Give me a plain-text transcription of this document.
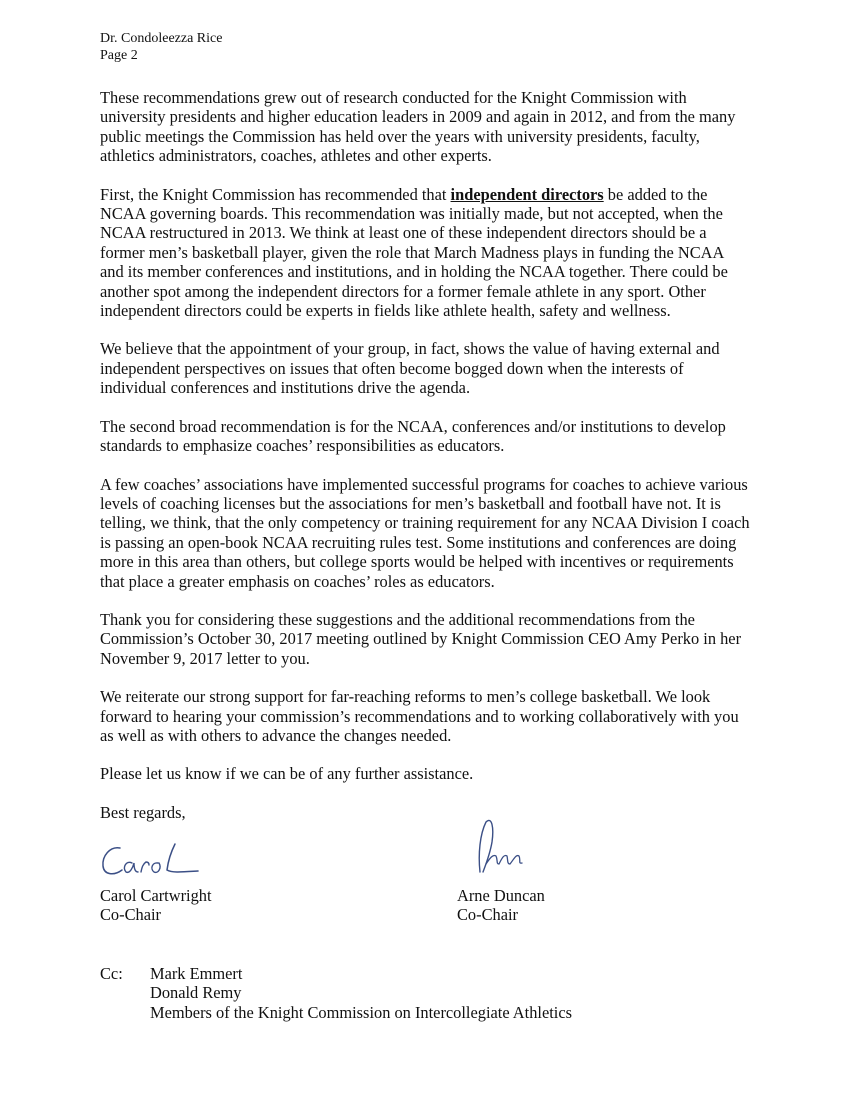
Dr. Condoleezza Rice
Page 2

These recommendations grew out of research conducted for the Knight Commission with university presidents and higher education leaders in 2009 and again in 2012, and from the many public meetings the Commission has held over the years with university presidents, faculty, athletics administrators, coaches, athletes and other experts.

First, the Knight Commission has recommended that independent directors be added to the NCAA governing boards. This recommendation was initially made, but not accepted, when the NCAA restructured in 2013. We think at least one of these independent directors should be a former men’s basketball player, given the role that March Madness plays in funding the NCAA and its member conferences and institutions, and in holding the NCAA together. There could be another spot among the independent directors for a former female athlete in any sport. Other independent directors could be experts in fields like athlete health, safety and wellness.

We believe that the appointment of your group, in fact, shows the value of having external and independent perspectives on issues that often become bogged down when the interests of individual conferences and institutions drive the agenda.

The second broad recommendation is for the NCAA, conferences and/or institutions to develop standards to emphasize coaches’ responsibilities as educators.

A few coaches’ associations have implemented successful programs for coaches to achieve various levels of coaching licenses but the associations for men’s basketball and football have not. It is telling, we think, that the only competency or training requirement for any NCAA Division I coach is passing an open-book NCAA recruiting rules test. Some institutions and conferences are doing more in this area than others, but college sports would be helped with incentives or requirements that place a greater emphasis on coaches’ roles as educators.

Thank you for considering these suggestions and the additional recommendations from the Commission’s October 30, 2017 meeting outlined by Knight Commission CEO Amy Perko in her November 9, 2017 letter to you.

We reiterate our strong support for far-reaching reforms to men’s college basketball. We look forward to hearing your commission’s recommendations and to working collaboratively with you as well as with others to advance the changes needed.

Please let us know if we can be of any further assistance.

Best regards,

Carol Cartwright
Co-Chair
Arne Duncan
Co-Chair
Cc: Mark Emmert
Donald Remy
Members of the Knight Commission on Intercollegiate Athletics
